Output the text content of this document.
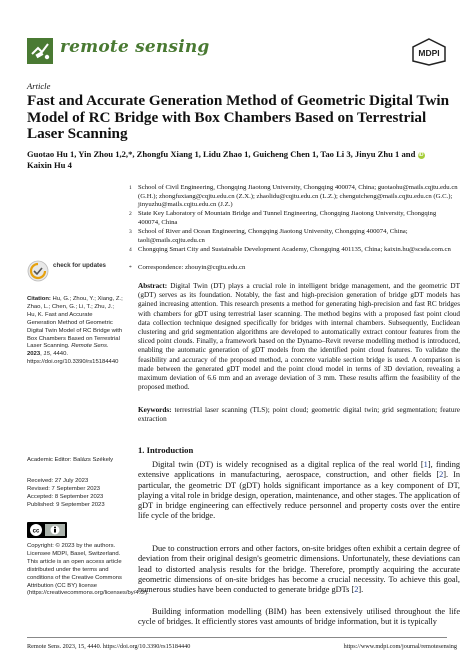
remote sensing	MDPI
Article
Fast and Accurate Generation Method of Geometric Digital Twin Model of RC Bridge with Box Chambers Based on Terrestrial Laser Scanning
Guotao Hu 1, Yin Zhou 1,2,*, Zhongfu Xiang 1, Lidu Zhao 1, Guicheng Chen 1, Tao Li 3, Jinyu Zhu 1 and iD
Kaixin Hu 4
1 School of Civil Engineering, Chongqing Jiaotong University, Chongqing 400074, China; guotaohu@mails.cqjtu.edu.cn (G.H.); zhongfuxiang@cqjtu.edu.cn (Z.X.); zhaolidu@cqjtu.edu.cn (L.Z.); chenguicheng@mails.cqjtu.edu.cn (G.C.); jinyuzhu@mails.cqjtu.edu.cn (J.Z.)
2 State Key Laboratory of Mountain Bridge and Tunnel Engineering, Chongqing Jiaotong University, Chongqing 400074, China
3 School of River and Ocean Engineering, Chongqing Jiaotong University, Chongqing 400074, China; taoli@mails.cqjtu.edu.cn
4 Chongqing Smart City and Sustainable Development Academy, Chongqing 401135, China; kaixin.hu@scsda.com.cn
* Correspondence: zhouyin@cqjtu.edu.cn
Abstract: Digital Twin (DT) plays a crucial role in intelligent bridge management, and the geometric DT (gDT) serves as its foundation. Notably, the fast and high-precision generation of bridge gDT models has gained increasing attention. This research presents a method for generating high-precision and fast RC bridges with chambers for gDT using terrestrial laser scanning. The method begins with a proposed fast point cloud data collection technique designed specifically for bridges with internal chambers. Subsequently, Euclidean clustering and grid segmentation algorithms are developed to automatically extract contour features from the sliced point clouds. Finally, a framework based on the Dynamo–Revit reverse modelling method is introduced, enabling the automatic generation of gDT models from the identified point cloud features. To validate the feasibility and accuracy of the proposed method, a concrete variable section bridge is used. A comparison is made between the generated gDT model and the point cloud model in terms of 3D deviation, revealing a maximum deviation of 6.6 mm and an average deviation of 3 mm. These results affirm the feasibility of the proposed method.
Keywords: terrestrial laser scanning (TLS); point cloud; geometric digital twin; grid segmentation; feature extraction
check for updates
Citation: Hu, G.; Zhou, Y.; Xiang, Z.; Zhao, L.; Chen, G.; Li, T.; Zhu, J.; Hu, K. Fast and Accurate Generation Method of Geometric Digital Twin Model of RC Bridge with Box Chambers Based on Terrestrial Laser Scanning. Remote Sens. 2023, 15, 4440. https://doi.org/10.3390/rs15184440
Academic Editor: Balázs Székely
Received: 27 July 2023
Revised: 7 September 2023
Accepted: 8 September 2023
Published: 9 September 2023
cc
Copyright: © 2023 by the authors. Licensee MDPI, Basel, Switzerland. This article is an open access article distributed under the terms and conditions of the Creative Commons Attribution (CC BY) license (https://creativecommons.org/licenses/by/4.0/).
1. Introduction
Digital twin (DT) is widely recognised as a digital replica of the real world [1], finding extensive applications in manufacturing, aerospace, construction, and other fields [2]. In particular, the geometric DT (gDT) holds significant importance as a key component of DT, playing a vital role in bridge design, operation, maintenance, and other stages. The application of gDT in bridge engineering can effectively reduce personnel and property costs over the entire life cycle of the bridge.
Due to construction errors and other factors, on-site bridges often exhibit a certain degree of deviation from their original design's geometric dimensions. Unfortunately, these deviations can lead to distorted analysis results for the bridge. Therefore, promptly acquiring the accurate geometric dimensions of on-site bridges has become a crucial necessity. To achieve this goal, numerous studies have been conducted to generate bridge gDTs [2].
Building information modelling (BIM) has been extensively utilised throughout the life cycle of bridges. It efficiently stores vast amounts of bridge information, but it is typically
Remote Sens. 2023, 15, 4440. https://doi.org/10.3390/rs15184440	https://www.mdpi.com/journal/remotesensing
